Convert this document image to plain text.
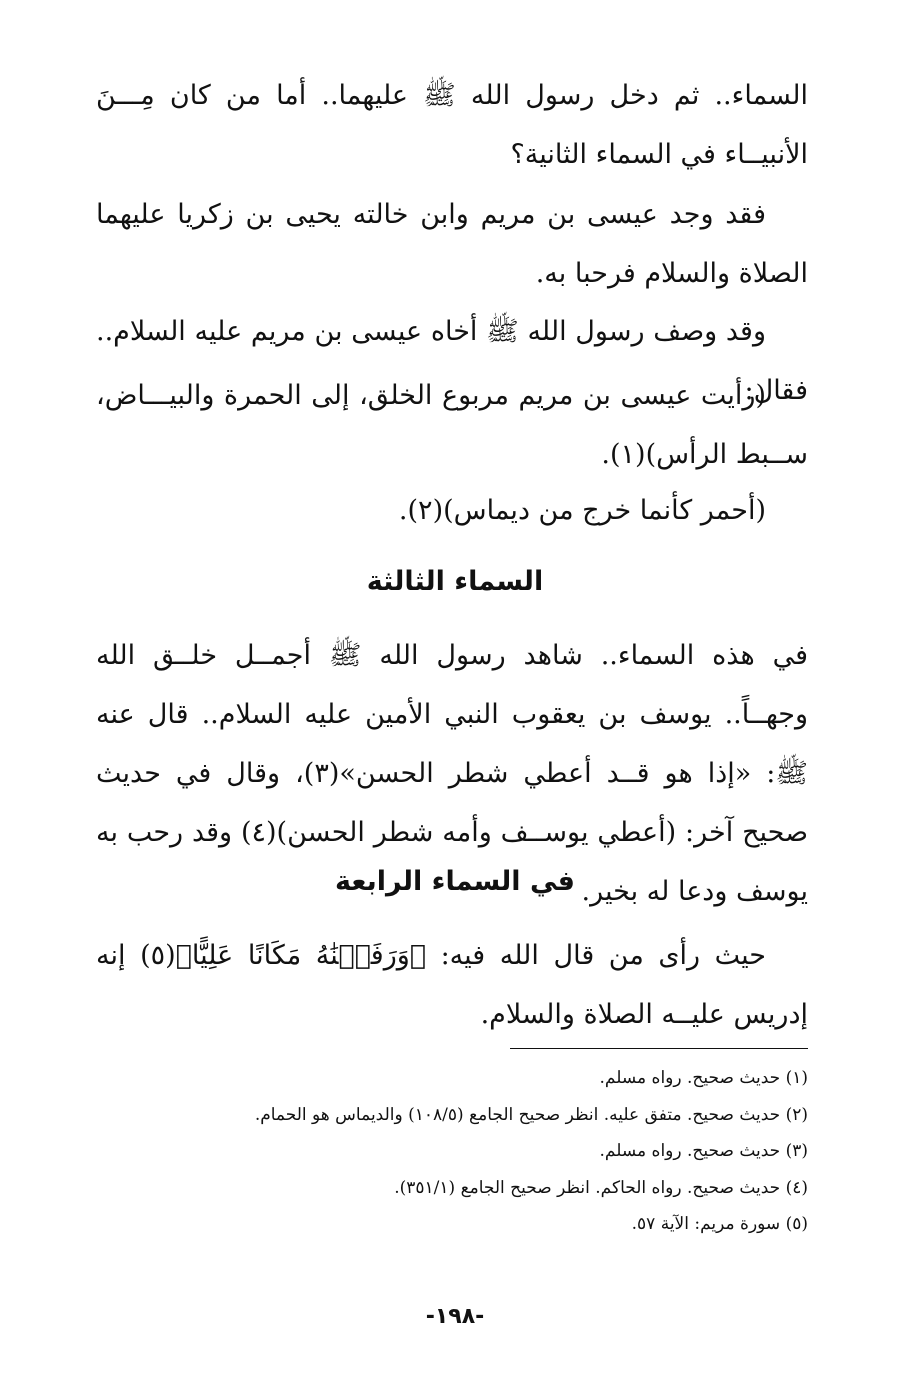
السماء.. ثم دخل رسول الله ﷺ عليهما.. أما من كان مِـــنَ الأنبيــاء في السماء الثانية؟

فقد وجد عيسى بن مريم وابن خالته يحيى بن زكريا عليهما الصلاة والسلام فرحبا به.

وقد وصف رسول الله ﷺ أخاه عيسى بن مريم عليه السلام.. فقال:

(رأيت عيسى بن مريم مربوع الخلق، إلى الحمرة والبيـــاض، ســبط الرأس)(١).

(أحمر كأنما خرج من ديماس)(٢).

السماء الثالثة

في هذه السماء.. شاهد رسول الله ﷺ أجمــل خلــق الله وجهــاً.. يوسف بن يعقوب النبي الأمين عليه السلام.. قال عنه ﷺ: «إذا هو قــد أعطي شطر الحسن»(٣)، وقال في حديث صحيح آخر: (أعطي يوســف وأمه شطر الحسن)(٤) وقد رحب به يوسف ودعا له بخير.

في السماء الرابعة

حيث رأى من قال الله فيه: ﴿وَرَفَعۡنَٰهُ مَكَانًا عَلِيًّا﴾(٥) إنه إدريس عليــه الصلاة والسلام.

(١) حديث صحيح. رواه مسلم.
(٢) حديث صحيح. متفق عليه. انظر صحيح الجامع (١٠٨/٥) والديماس هو الحمام.
(٣) حديث صحيح. رواه مسلم.
(٤) حديث صحيح. رواه الحاكم. انظر صحيح الجامع (٣٥١/١).
(٥) سورة مريم: الآية ٥٧.
-١٩٨-
